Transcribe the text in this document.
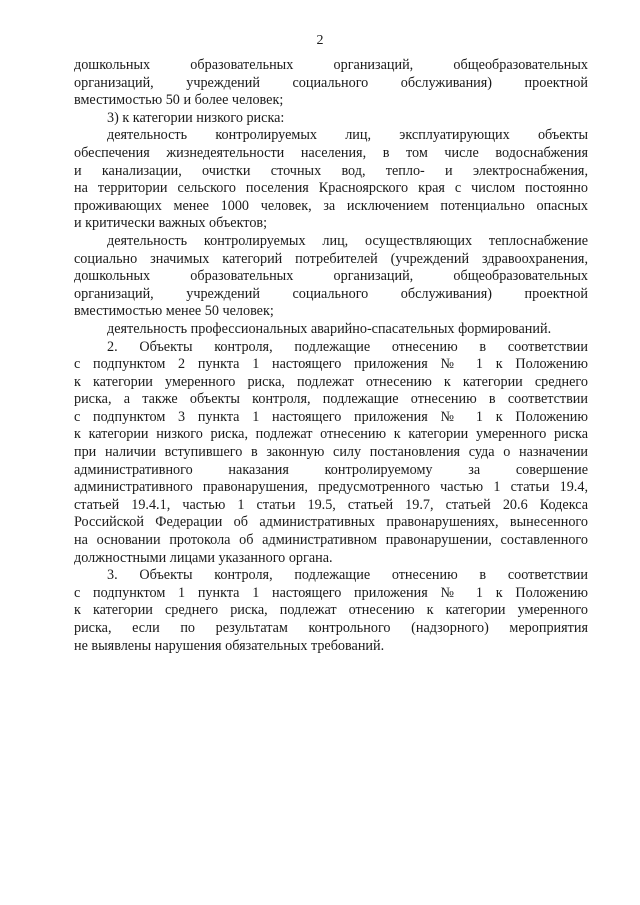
2
дошкольных образовательных организаций, общеобразовательных
организаций, учреждений социального обслуживания) проектной
вместимостью 50 и более человек;
3) к категории низкого риска:
деятельность контролируемых лиц, эксплуатирующих объекты
обеспечения жизнедеятельности населения, в том числе водоснабжения
и канализации, очистки сточных вод, тепло- и электроснабжения,
на территории сельского поселения Красноярского края с числом постоянно
проживающих менее 1000 человек, за исключением потенциально опасных
и критически важных объектов;
деятельность контролируемых лиц, осуществляющих теплоснабжение
социально значимых категорий потребителей (учреждений здравоохранения,
дошкольных образовательных организаций, общеобразовательных
организаций, учреждений социального обслуживания) проектной
вместимостью менее 50 человек;
деятельность профессиональных аварийно-спасательных формирований.
2. Объекты контроля, подлежащие отнесению в соответствии
с подпунктом 2 пункта 1 настоящего приложения № 1 к Положению
к категории умеренного риска, подлежат отнесению к категории среднего
риска, а также объекты контроля, подлежащие отнесению в соответствии
с подпунктом 3 пункта 1 настоящего приложения № 1 к Положению
к категории низкого риска, подлежат отнесению к категории умеренного риска
при наличии вступившего в законную силу постановления суда о назначении
административного наказания контролируемому за совершение
административного правонарушения, предусмотренного частью 1 статьи 19.4,
статьей 19.4.1, частью 1 статьи 19.5, статьей 19.7, статьей 20.6 Кодекса
Российской Федерации об административных правонарушениях, вынесенного
на основании протокола об административном правонарушении, составленного
должностными лицами указанного органа.
3. Объекты контроля, подлежащие отнесению в соответствии
с подпунктом 1 пункта 1 настоящего приложения № 1 к Положению
к категории среднего риска, подлежат отнесению к категории умеренного
риска, если по результатам контрольного (надзорного) мероприятия
не выявлены нарушения обязательных требований.
